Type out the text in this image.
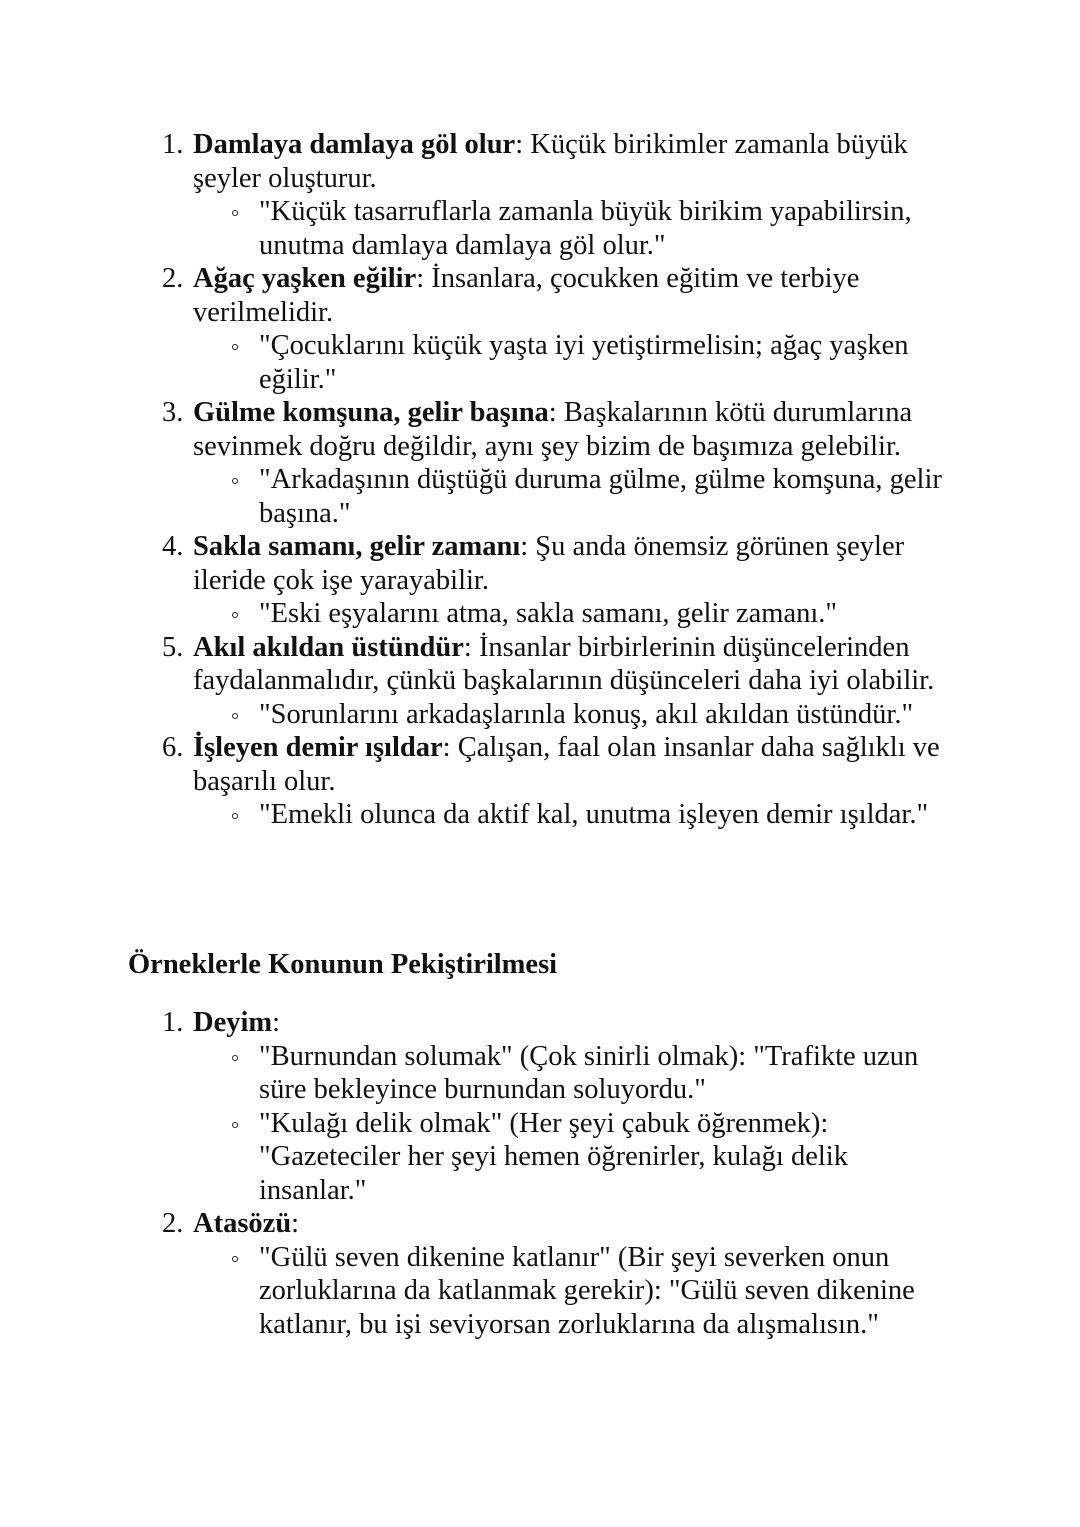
1. Damlaya damlaya göl olur: Küçük birikimler zamanla büyük şeyler oluşturur.
"Küçük tasarruflarla zamanla büyük birikim yapabilirsin, unutma damlaya damlaya göl olur."
2. Ağaç yaşken eğilir: İnsanlara, çocukken eğitim ve terbiye verilmelidir.
"Çocuklarını küçük yaşta iyi yetiştirmelisin; ağaç yaşken eğilir."
3. Gülme komşuna, gelir başına: Başkalarının kötü durumlarına sevinmek doğru değildir, aynı şey bizim de başımıza gelebilir.
"Arkadaşının düştüğü duruma gülme, gülme komşuna, gelir başına."
4. Sakla samanı, gelir zamanı: Şu anda önemsiz görünen şeyler ileride çok işe yarayabilir.
"Eski eşyalarını atma, sakla samanı, gelir zamanı."
5. Akıl akıldan üstündür: İnsanlar birbirlerinin düşüncelerinden faydalanmalıdır, çünkü başkalarının düşünceleri daha iyi olabilir.
"Sorunlarını arkadaşlarınla konuş, akıl akıldan üstündür."
6. İşleyen demir ışıldar: Çalışan, faal olan insanlar daha sağlıklı ve başarılı olur.
"Emekli olunca da aktif kal, unutma işleyen demir ışıldar."
Örneklerle Konunun Pekiştirilmesi
1. Deyim:
"Burnundan solumak" (Çok sinirli olmak): "Trafikte uzun süre bekleyince burnundan soluyordu."
"Kulağı delik olmak" (Her şeyi çabuk öğrenmek): "Gazeteciler her şeyi hemen öğrenirler, kulağı delik insanlar."
2. Atasözü:
"Gülü seven dikenine katlanır" (Bir şeyi severken onun zorluklarına da katlanmak gerekir): "Gülü seven dikenine katlanır, bu işi seviyorsan zorluklarına da alışmalısın."
